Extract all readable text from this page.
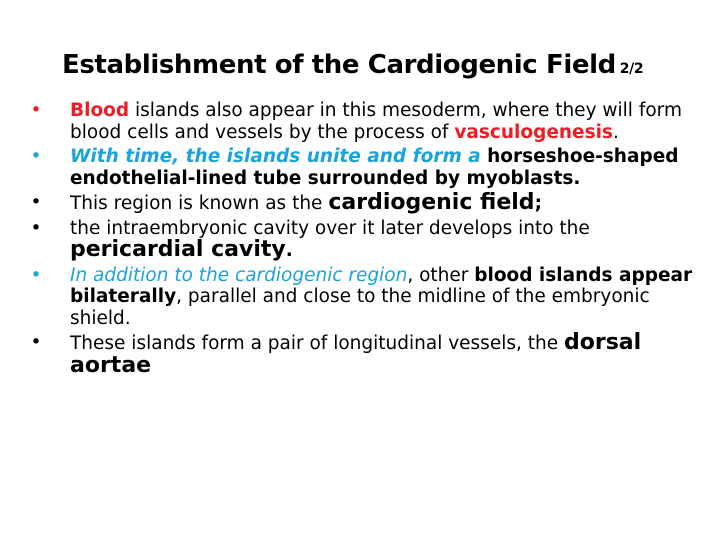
Establishment of the Cardiogenic Field 2/2
• Blood islands also appear in this mesoderm, where they will form blood cells and vessels by the process of vasculogenesis.
• With time, the islands unite and form a horseshoe-shaped endothelial-lined tube surrounded by myoblasts.
• This region is known as the cardiogenic field;
• the intraembryonic cavity over it later develops into the pericardial cavity.
• In addition to the cardiogenic region, other blood islands appear bilaterally, parallel and close to the midline of the embryonic shield.
• These islands form a pair of longitudinal vessels, the dorsal aortae
